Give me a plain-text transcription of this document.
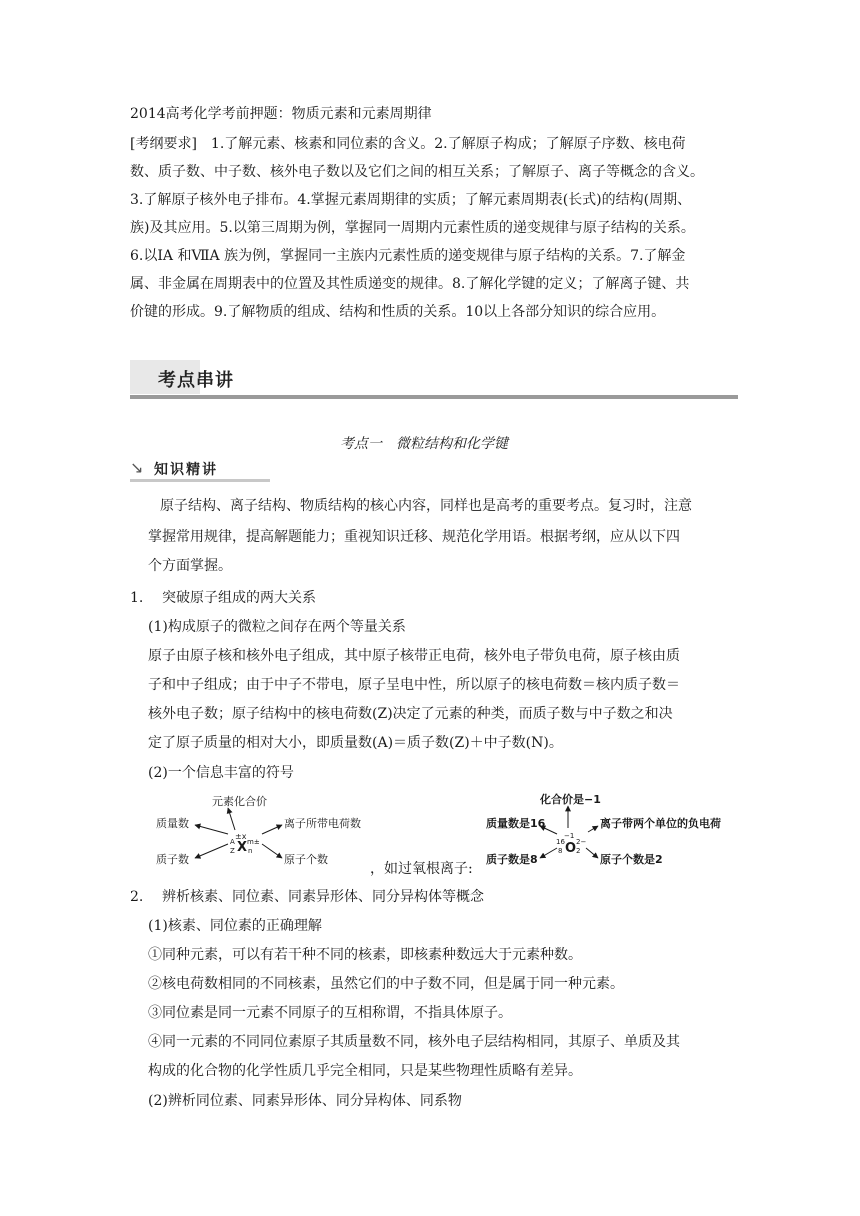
2014高考化学考前押题：物质元素和元素周期律
[考纲要求]　1.了解元素、核素和同位素的含义。2.了解原子构成；了解原子序数、核电荷
数、质子数、中子数、核外电子数以及它们之间的相互关系；了解原子、离子等概念的含义。
3.了解原子核外电子排布。4.掌握元素周期律的实质；了解元素周期表(长式)的结构(周期、
族)及其应用。5.以第三周期为例，掌握同一周期内元素性质的递变规律与原子结构的关系。
6.以ⅠA 和ⅦA 族为例，掌握同一主族内元素性质的递变规律与原子结构的关系。7.了解金
属、非金属在周期表中的位置及其性质递变的规律。8.了解化学键的定义；了解离子键、共
价键的形成。9.了解物质的组成、结构和性质的关系。10以上各部分知识的综合应用。
考点串讲
考点一　微粒结构和化学键
↘ 知识精讲
原子结构、离子结构、物质结构的核心内容，同样也是高考的重要考点。复习时，注意
掌握常用规律，提高解题能力；重视知识迁移、规范化学用语。根据考纲，应从以下四
个方面掌握。
1. 突破原子组成的两大关系
(1)构成原子的微粒之间存在两个等量关系
原子由原子核和核外电子组成，其中原子核带正电荷，核外电子带负电荷，原子核由质
子和中子组成；由于中子不带电，原子呈电中性，所以原子的核电荷数＝核内质子数＝
核外电子数；原子结构中的核电荷数(Z)决定了元素的种类，而质子数与中子数之和决
定了原子质量的相对大小，即质量数(A)＝质子数(Z)＋中子数(N)。
(2)一个信息丰富的符号
元素化合价
质量数
质子数
离子所带电荷数
原子个数
±x
A
Z X m±
n
，如过氧根离子:
化合价是−1
质量数是16
质子数是8
离子带两个单位的负电荷
原子个数是2
−1
16
8 O 2−
2
2. 辨析核素、同位素、同素异形体、同分异构体等概念
(1)核素、同位素的正确理解
①同种元素，可以有若干种不同的核素，即核素种数远大于元素种数。
②核电荷数相同的不同核素，虽然它们的中子数不同，但是属于同一种元素。
③同位素是同一元素不同原子的互相称谓，不指具体原子。
④同一元素的不同同位素原子其质量数不同，核外电子层结构相同，其原子、单质及其
构成的化合物的化学性质几乎完全相同，只是某些物理性质略有差异。
(2)辨析同位素、同素异形体、同分异构体、同系物
